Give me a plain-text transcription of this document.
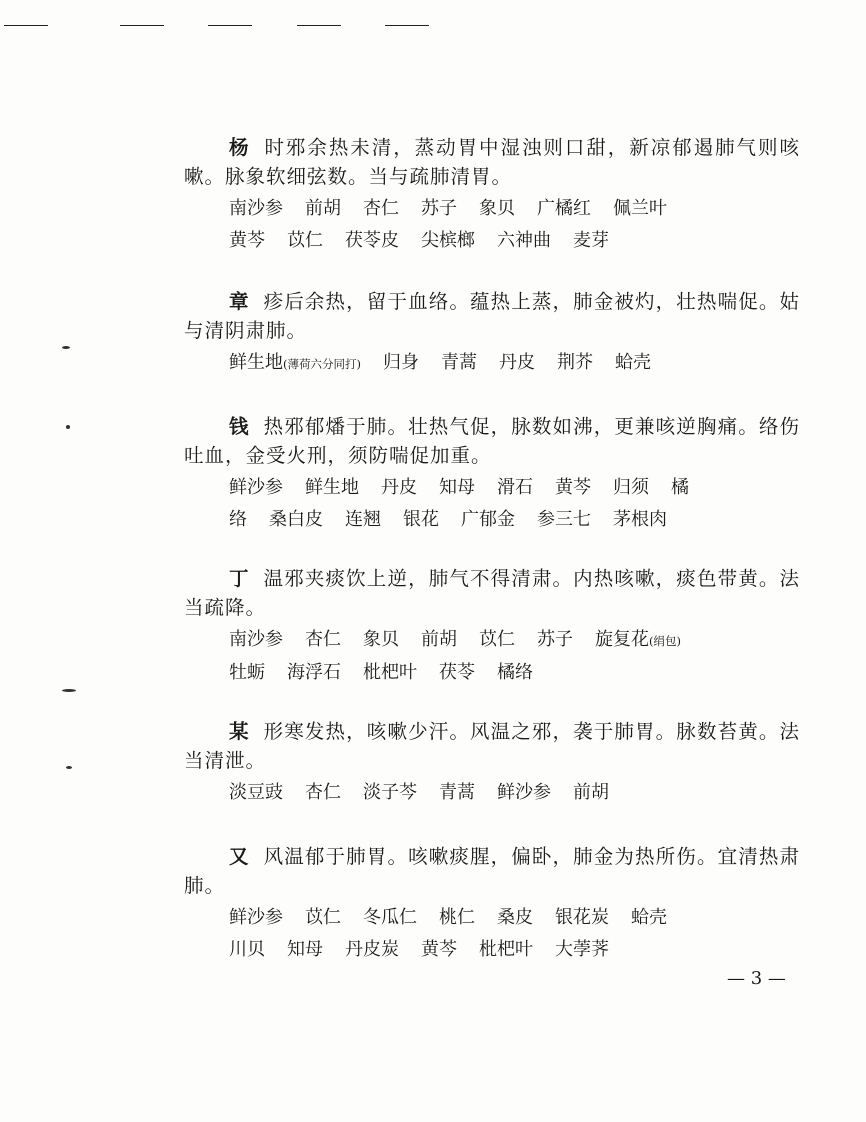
杨 时邪余热未清，蒸动胃中湿浊则口甜，新凉郁遏肺气则咳嗽。脉象软细弦数。当与疏肺清胃。

南沙参 前胡 杏仁 苏子 象贝 广橘红 佩兰叶
黄芩 苡仁 茯苓皮 尖槟榔 六神曲 麦芽

章 疹后余热，留于血络。蕴热上蒸，肺金被灼，壮热喘促。姑与清阴肃肺。

鲜生地(薄荷六分同打) 归身 青蒿 丹皮 荆芥 蛤壳

钱 热邪郁燔于肺。壮热气促，脉数如沸，更兼咳逆胸痛。络伤吐血，金受火刑，须防喘促加重。

鲜沙参 鲜生地 丹皮 知母 滑石 黄芩 归须 橘
络 桑白皮 连翘 银花 广郁金 参三七 茅根肉

丁 温邪夹痰饮上逆，肺气不得清肃。内热咳嗽，痰色带黄。法当疏降。

南沙参 杏仁 象贝 前胡 苡仁 苏子 旋复花(绢包)
牡蛎 海浮石 枇杷叶 茯苓 橘络

某 形寒发热，咳嗽少汗。风温之邪，袭于肺胃。脉数苔黄。法当清泄。

淡豆豉 杏仁 淡子芩 青蒿 鲜沙参 前胡

又 风温郁于肺胃。咳嗽痰腥，偏卧，肺金为热所伤。宜清热肃肺。

鲜沙参 苡仁 冬瓜仁 桃仁 桑皮 银花炭 蛤壳
川贝 知母 丹皮炭 黄芩 枇杷叶 大荸荠
— 3 —
